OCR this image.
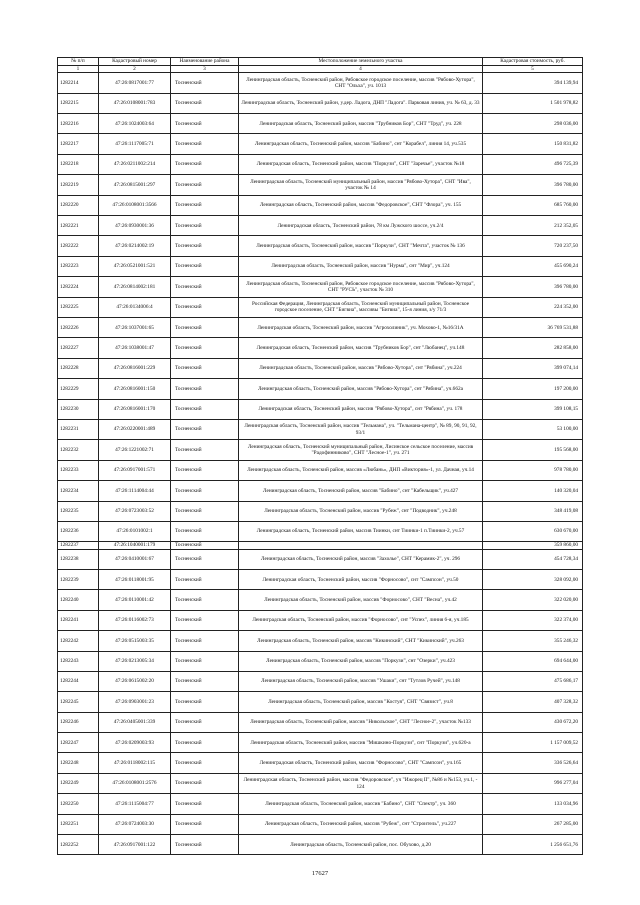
№ п/п	Кадастровый номер	Наименование района	Местоположение земельного участка	Кадастровая стоимость, руб.
1	2	3	4	5
1282214	47:26:0817001:77	Тосненский	Ленинградская область, Тосненский район, Рябовское городское поселение, массив "Рябово-Хутора", СНТ "Ольха", уч. 1013	394 139,94
1282215	47:26:0108001:783	Тосненский	Ленинградская область, Тосненский район, у.дер. Ладога, ДНП "Ладога". Парковая линия, уч. № 63, д. 33	1 501 978,82
1282216	47:26:1024003:64	Тосненский	Ленинградская область, Тосненский район, массив "Трубников Бор", СНТ "Труд", уч. 228	298 036,00
1282217	47:26:1117005:71	Тосненский	Ленинградская область, Тосненский район, массив "Бабино", снт "Корабел", линия 14, уч.535	150 831,82
1282218	47:26:0211002:214	Тосненский	Ленинградская область, Тосненский район, массив "Поркузи", СНТ "Заречье", участок №18	496 725,39
1282219	47:26:0815001:297	Тосненский	Ленинградская область, Тосненский муниципальный район, массив "Рябово-Хутора", СНТ "Ива", участок № 14	396 780,00
1282220	47:26:0108001:3566	Тосненский	Ленинградская область, Тосненский район, массив "Федоровское", СНТ "Флора", уч. 155	685 760,00
1282221	47:26:0930001:36	Тосненский	Ленинградская область, Тосненский район, 78 км Лужского шоссе, уч.2/4	212 352,05
1282222	47:26:0214002:19	Тосненский	Ленинградская область, Тосненский район, массив "Поркузи", СНТ "Мечта", участок № 136	720 237,50
1282223	47:26:0521001:521	Тосненский	Ленинградская область, Тосненский район, массив "Нурма", снт "Мир", уч.124	455 690,24
1282224	47:26:0814002:181	Тосненский	Ленинградская область, Тосненский район, Рябовское городское поселение, массив "Рябово-Хутора", СНТ "РУСЬ", участок № 310	396 780,00
1282225	47:26:0134006:4	Тосненский	Российская Федерация, Ленинградская область, Тосненский муниципальный район, Тосненское городское поселение, СНТ "Бигвиа", массивы "Бигвиа", 15-я линия, з/у 71/3	224 352,00
1282226	47:26:1037001:65	Тосненский	Ленинградская область, Тосненский район, массив "Агрохолиник", уч. Мохово-1, №16/31А	36 769 531,88
1282227	47:26:1038001:47	Тосненский	Ленинградская область, Тосненский район, массив "Трубников Бор", снт "Любанец", уч.148	282 858,00
1282228	47:26:0816001:229	Тосненский	Ленинградская область, Тосненский район, массив "Рябово-Хутора", снт "Рябина", уч.224	399 074,14
1282229	47:26:0816001:150	Тосненский	Ленинградская область, Тосненский район, массив "Рябово-Хутора", снт "Рябина", уч.662а	197 200,00
1282230	47:26:0816001:170	Тосненский	Ленинградская область, Тосненский район, массив "Рябово-Хутора", снт "Рябина", уч. 178	399 108,15
1282231	47:26:0220001:489	Тосненский	Ленинградская область, Тосненский район, массив "Тельмана", уч. "Тельмана-центр", № 89, 90, 91, 92, 93/1	53 100,00
1282232	47:26:1221002:71	Тосненский	Ленинградская область, Тосненский муниципальный район, Лисинское сельское поселение, массив "Радофинниково", СНТ "Лесное-1", уч. 271	195 568,00
1282233	47:26:0917001:571	Тосненский	Ленинградская область, Тосненский район, массив «Любань», ДНП «Виктория»-1, ул. Дачная, уч.14	978 780,00
1282234	47:26:1114004:44	Тосненский	Ленинградская область, Тосненский район, массив "Бабино", снт "Кабельщик", уч.427	140 320,04
1282235	47:26:0723003:52	Тосненский	Ленинградская область, Тосненский район, массив "Рубеж", снт "Подводник", уч.248	348 419,08
1282236	47:26:0101002:1	Тосненский	Ленинградская область, Тосненский район, массив Тиинки, снт Тиинки-1 п.Тиинки-2, уч.57	630 670,00
1282237	47:26:1040001:179	Тосненский		359 860,00
1282238	47:26:0410001:67	Тосненский	Ленинградская область, Тосненский район, массив "Захолье", СНТ "Керамик-2", уч. 296	454 728,34
1282239	47:26:0118001:95	Тосненский	Ленинградская область, Тосненский район, массив "Форносово", снт "Сампсон", уч.50	328 092,00
1282240	47:26:0110001:42	Тосненский	Ленинградская область, Тосненский район, массив "Форносово", СНТ "Весна", уч.42	322 020,00
1282241	47:26:0116002:73	Тосненский	Ленинградская область, Тосненский район, массив "Форносово", снт "Успех", линия 6-я, уч.185	322 374,00
1282242	47:26:0515003:35	Тосненский	Ленинградская область, Тосненский район, массив "Кикинский", СНТ "Кикинский", уч.263	355 246,32
1282243	47:26:0213005:34	Тосненский	Ленинградская область, Тосненский район, массив "Поркузи", снт "Озерки", уч.423	694 644,00
1282244	47:26:0615002:20	Тосненский	Ленинградская область, Тосненский район, массив "Ушаки", снт "Тутлов Ручей", уч.148	475 686,17
1282245	47:26:0903001:23	Тосненский	Ленинградская область, Тосненский район, массив "Костуя", СНТ "Связист", уч.8	407 328,32
1282246	47:26:0405001:339	Тосненский	Ленинградская область, Тосненский район, массив "Никольское", СНТ "Лесное-2", участок №133	430 672,20
1282247	47:26:0209003:93	Тосненский	Ленинградская область, Тосненский район, массив "Мишкино-Поркузи", снт "Поркузи", уч.620-а	1 157 009,52
1282248	47:26:0118002:115	Тосненский	Ленинградская область, Тосненский район, массив "Форносово", СНТ "Сампсон", уч.165	336 526,64
1282249	47:26:0108001:2576	Тосненский	Ленинградская область, Тосненский район, массив "Федоровское", уч "Ижорец II", №86 и №153, уч.1, - 124	996 277,04
1282250	47:26:1115004:77	Тосненский	Ленинградская область, Тосненский район, массив "Бабино", СНТ "Спектр", уч. 360	133 034,96
1282251	47:26:0724003:30	Тосненский	Ленинградская область, Тосненский район, массив "Рубеж", снт "Строитель", уч.227	267 285,00
1282252	47:26:0917001:122	Тосненский	Ленинградская область, Тосненский район, пос. Обухово, д.20	1 256 651,76
17627
